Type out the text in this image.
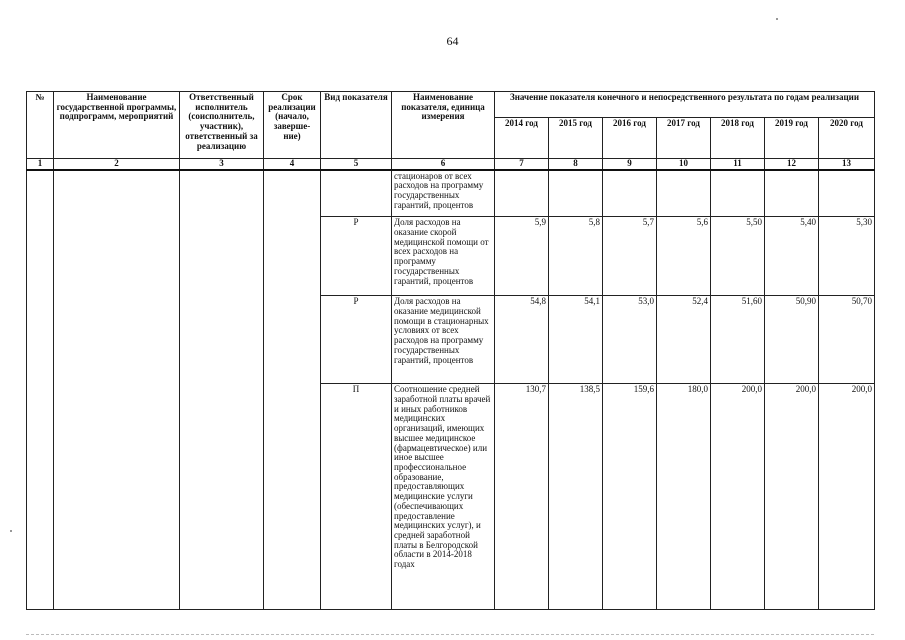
64
№	Наименование государственной программы, подпрограмм, мероприятий	Ответственный исполнитель (соисполнитель, участник), ответственный за реализацию	Срок реализации (начало, заверше-ние)	Вид показателя	Наименование показателя, единица измерения	Значение показателя конечного и непосредственного результата по годам реализации						
						2014 год	2015 год	2016 год	2017 год	2018 год	2019 год	2020 год
1	2	3	4	5	6	7	8	9	10	11	12	13
					стационаров от всех расходов на программу государственных гарантий, процентов							
				Р	Доля расходов на оказание скорой медицинской помощи от всех расходов на программу государственных гарантий, процентов	5,9	5,8	5,7	5,6	5,50	5,40	5,30
				Р	Доля расходов на оказание медицинской помощи в стационарных условиях от всех расходов на программу государственных гарантий, процентов	54,8	54,1	53,0	52,4	51,60	50,90	50,70
				П	Соотношение средней заработной платы врачей и иных работников медицинских организаций, имеющих высшее медицинское (фармацевтическое) или иное высшее профессиональное образование, предоставляющих медицинские услуги (обеспечивающих предоставление медицинских услуг), и средней заработной платы в Белгородской области в 2014-2018 годах	130,7	138,5	159,6	180,0	200,0	200,0	200,0
